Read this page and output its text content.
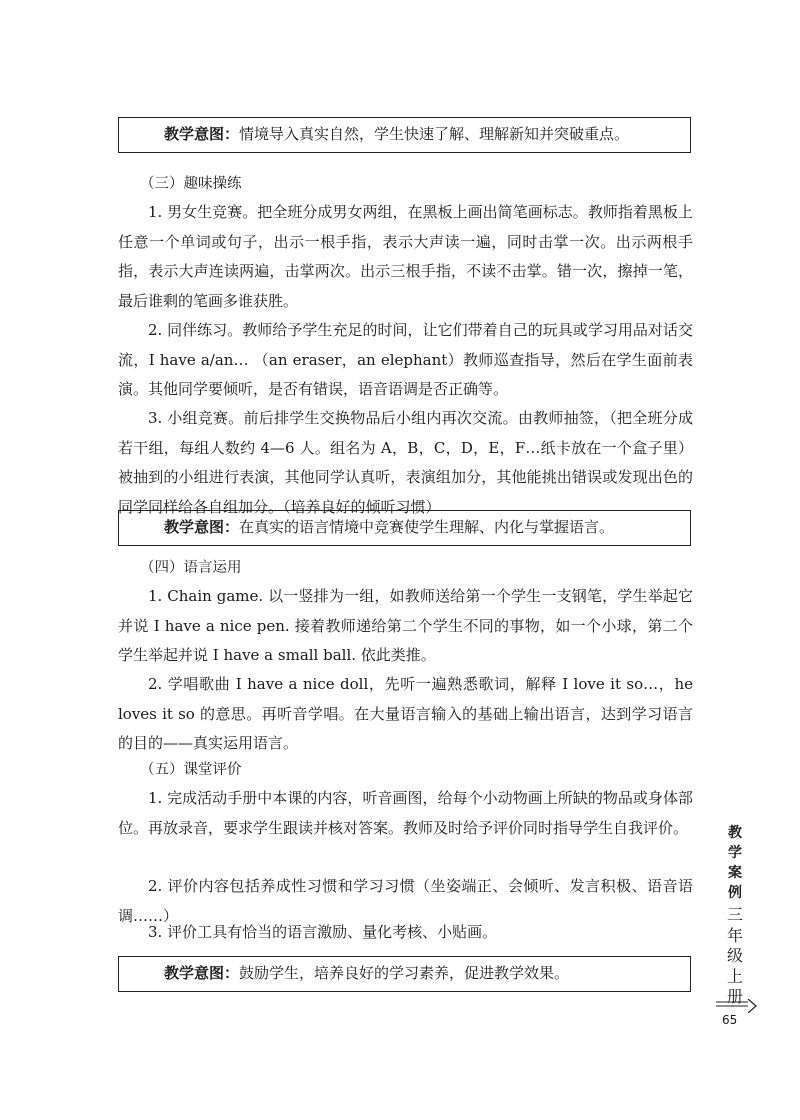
教学意图：情境导入真实自然，学生快速了解、理解新知并突破重点。
（三）趣味操练

1. 男女生竞赛。把全班分成男女两组，在黑板上画出简笔画标志。教师指着黑板上任意一个单词或句子，出示一根手指，表示大声读一遍，同时击掌一次。出示两根手指，表示大声连读两遍，击掌两次。出示三根手指，不读不击掌。错一次，擦掉一笔，最后谁剩的笔画多谁获胜。

2. 同伴练习。教师给予学生充足的时间，让它们带着自己的玩具或学习用品对话交流，I have a/an… （an eraser，an elephant）教师巡查指导，然后在学生面前表演。其他同学要倾听，是否有错误，语音语调是否正确等。

3. 小组竞赛。前后排学生交换物品后小组内再次交流。由教师抽签，（把全班分成若干组，每组人数约 4—6 人。组名为 A，B，C，D，E，F…纸卡放在一个盒子里）被抽到的小组进行表演，其他同学认真听，表演组加分，其他能挑出错误或发现出色的同学同样给各自组加分。（培养良好的倾听习惯）

教学意图：在真实的语言情境中竞赛使学生理解、内化与掌握语言。
（四）语言运用

1. Chain game. 以一竖排为一组，如教师送给第一个学生一支钢笔，学生举起它并说 I have a nice pen. 接着教师递给第二个学生不同的事物，如一个小球，第二个学生举起并说 I have a small ball. 依此类推。

2. 学唱歌曲 I have a nice doll，先听一遍熟悉歌词，解释 I love it so…，he loves it so 的意思。再听音学唱。在大量语言输入的基础上输出语言，达到学习语言的目的——真实运用语言。

（五）课堂评价

1. 完成活动手册中本课的内容，听音画图，给每个小动物画上所缺的物品或身体部位。再放录音，要求学生跟读并核对答案。教师及时给予评价同时指导学生自我评价。

2. 评价内容包括养成性习惯和学习习惯（坐姿端正、会倾听、发言积极、语音语调……）

3. 评价工具有恰当的语言激励、量化考核、小贴画。

教学意图：鼓励学生，培养良好的学习素养，促进教学效果。
教学案例
三年级上册
65
